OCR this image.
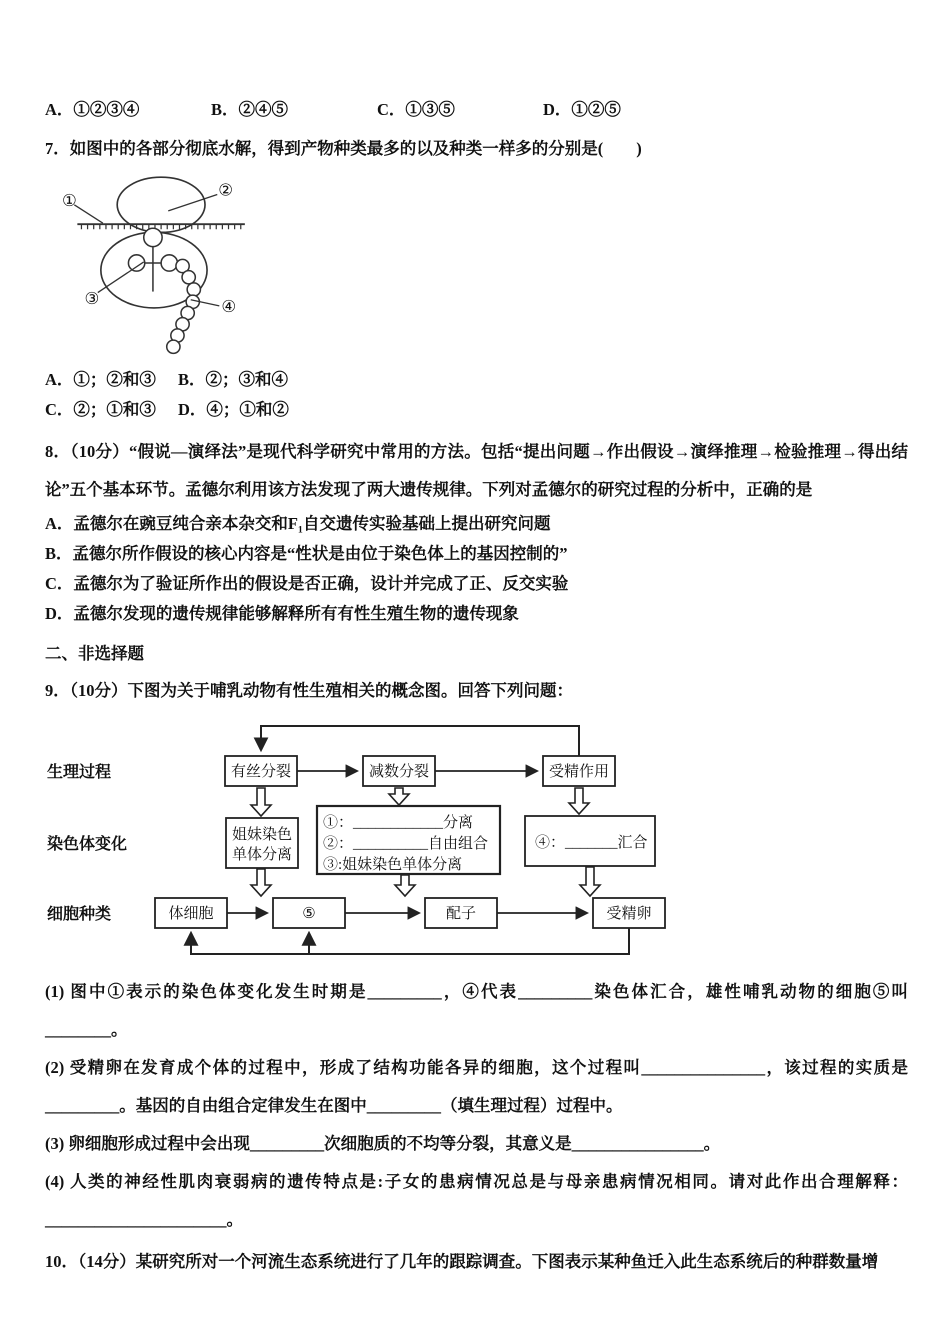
A．①②③④	B．②④⑤	C．①③⑤	D．①②⑤

7．如图中的各部分彻底水解，得到产物种类最多的以及种类一样多的分别是(　　)

①
②
③	④

A．①；②和③ B．②；③和④

C．②；①和③ D．④；①和②

8．（10分）“假说—演绎法”是现代科学研究中常用的方法。包括“提出问题→作出假设→演绎推理→检验推理→得出结论”五个基本环节。孟德尔利用该方法发现了两大遗传规律。下列对孟德尔的研究过程的分析中，正确的是

A．孟德尔在豌豆纯合亲本杂交和F₁自交遗传实验基础上提出研究问题

B．孟德尔所作假设的核心内容是“性状是由位于染色体上的基因控制的”

C．孟德尔为了验证所作出的假设是否正确，设计并完成了正、反交实验

D．孟德尔发现的遗传规律能够解释所有有性生殖生物的遗传现象

二、非选择题

9．（10分）下图为关于哺乳动物有性生殖相关的概念图。回答下列问题：

生理过程
染色体变化
细胞种类
有丝分裂	减数分裂	受精作用
姐妹染色
单体分离
①：____________分离
②：__________自由组合
③:姐妹染色单体分离
④：_______汇合
体细胞	⑤	配子	受精卵

(1) 图中①表示的染色体变化发生时期是_________，④代表_________染色体汇合，雄性哺乳动物的细胞⑤叫________。

(2) 受精卵在发育成个体的过程中，形成了结构功能各异的细胞，这个过程叫_______________，该过程的实质是_________。基因的自由组合定律发生在图中_________（填生理过程）过程中。

(3) 卵细胞形成过程中会出现_________次细胞质的不均等分裂，其意义是________________。

(4) 人类的神经性肌肉衰弱病的遗传特点是:子女的患病情况总是与母亲患病情况相同。请对此作出合理解释：______________________。

10．（14分）某研究所对一个河流生态系统进行了几年的跟踪调查。下图表示某种鱼迁入此生态系统后的种群数量增
